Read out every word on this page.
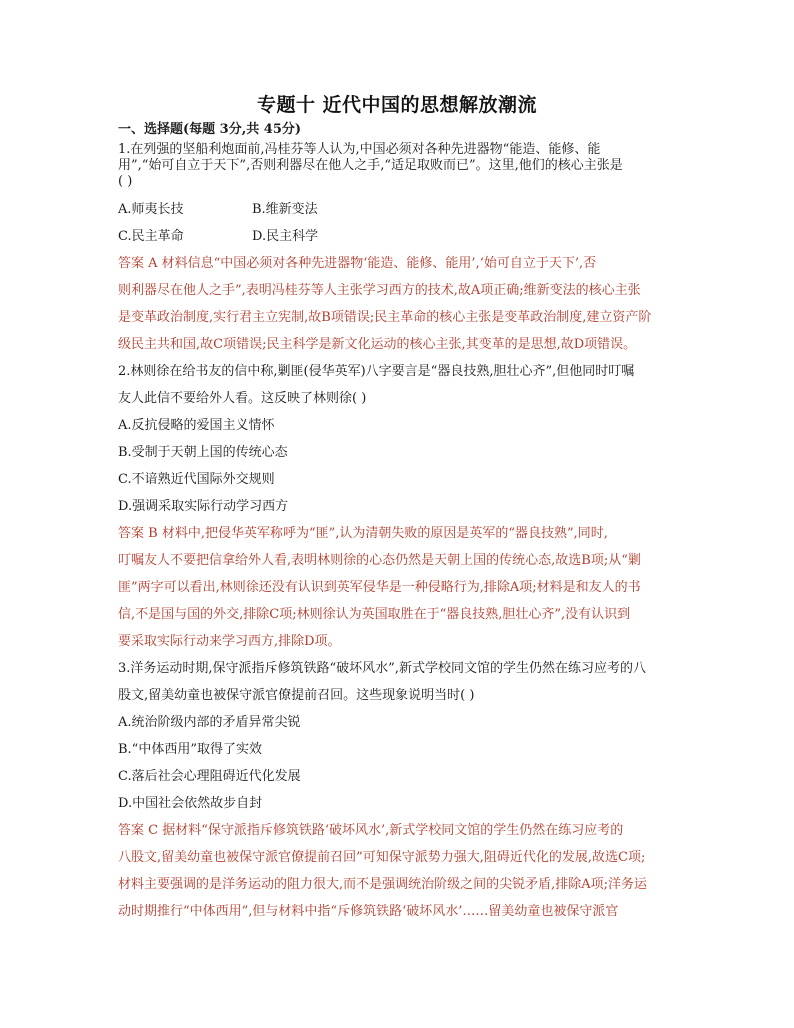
专题十 近代中国的思想解放潮流
一、选择题(每题 3分,共 45分)
1.在列强的坚船利炮面前,冯桂芬等人认为,中国必须对各种先进器物“能造、能修、能
用”,“始可自立于天下”,否则利器尽在他人之手,“适足取败而已”。这里,他们的核心主张是
( )
A.师夷长技	B.维新变法
C.民主革命	D.民主科学
答案 A 材料信息“中国必须对各种先进器物‘能造、能修、能用’,‘始可自立于天下’,否
则利器尽在他人之手”,表明冯桂芬等人主张学习西方的技术,故A项正确;维新变法的核心主张
是变革政治制度,实行君主立宪制,故B项错误;民主革命的核心主张是变革政治制度,建立资产阶
级民主共和国,故C项错误;民主科学是新文化运动的核心主张,其变革的是思想,故D项错误。
2.林则徐在给书友的信中称,剿匪(侵华英军)八字要言是“器良技熟,胆壮心齐”,但他同时叮嘱
友人此信不要给外人看。这反映了林则徐( )
A.反抗侵略的爱国主义情怀
B.受制于天朝上国的传统心态
C.不谙熟近代国际外交规则
D.强调采取实际行动学习西方
答案 B 材料中,把侵华英军称呼为“匪”,认为清朝失败的原因是英军的“器良技熟”,同时,
叮嘱友人不要把信拿给外人看,表明林则徐的心态仍然是天朝上国的传统心态,故选B项;从“剿
匪”两字可以看出,林则徐还没有认识到英军侵华是一种侵略行为,排除A项;材料是和友人的书
信,不是国与国的外交,排除C项;林则徐认为英国取胜在于“器良技熟,胆壮心齐”,没有认识到
要采取实际行动来学习西方,排除D项。
3.洋务运动时期,保守派指斥修筑铁路“破坏风水”,新式学校同文馆的学生仍然在练习应考的八
股文,留美幼童也被保守派官僚提前召回。这些现象说明当时( )
A.统治阶级内部的矛盾异常尖锐
B.“中体西用”取得了实效
C.落后社会心理阻碍近代化发展
D.中国社会依然故步自封
答案 C 据材料“保守派指斥修筑铁路‘破坏风水’,新式学校同文馆的学生仍然在练习应考的
八股文,留美幼童也被保守派官僚提前召回”可知保守派势力强大,阻碍近代化的发展,故选C项;
材料主要强调的是洋务运动的阻力很大,而不是强调统治阶级之间的尖锐矛盾,排除A项;洋务运
动时期推行“中体西用”,但与材料中指“斥修筑铁路‘破坏风水’……留美幼童也被保守派官
